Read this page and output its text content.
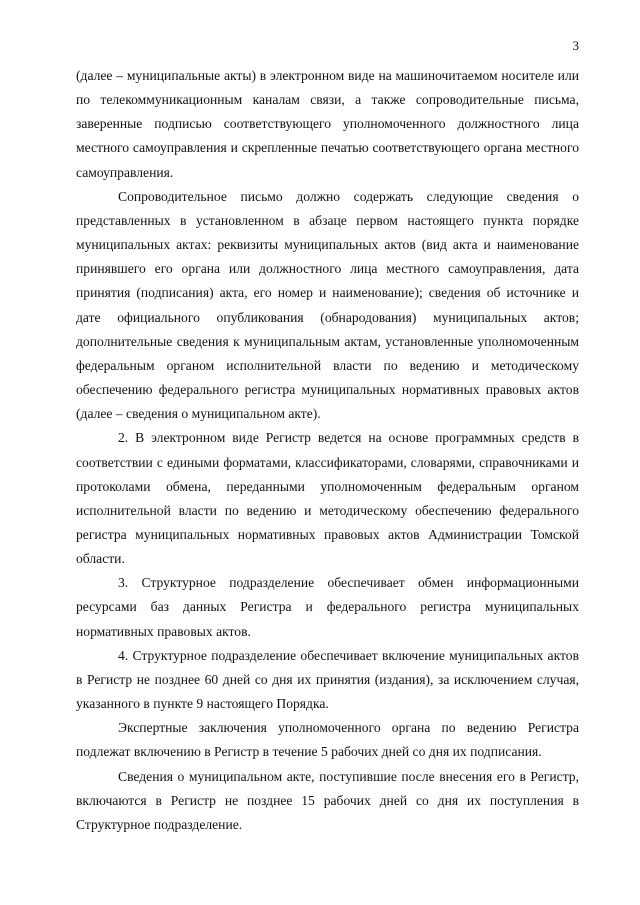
3

(далее – муниципальные акты) в электронном виде на машиночитаемом носителе или по телекоммуникационным каналам связи, а также сопроводительные письма, заверенные подписью соответствующего уполномоченного должностного лица местного самоуправления и скрепленные печатью соответствующего органа местного самоуправления.

Сопроводительное письмо должно содержать следующие сведения о представленных в установленном в абзаце первом настоящего пункта порядке муниципальных актах: реквизиты муниципальных актов (вид акта и наименование принявшего его органа или должностного лица местного самоуправления, дата принятия (подписания) акта, его номер и наименование); сведения об источнике и дате официального опубликования (обнародования) муниципальных актов; дополнительные сведения к муниципальным актам, установленные уполномоченным федеральным органом исполнительной власти по ведению и методическому обеспечению федерального регистра муниципальных нормативных правовых актов (далее – сведения о муниципальном акте).

2. В электронном виде Регистр ведется на основе программных средств в соответствии с едиными форматами, классификаторами, словарями, справочниками и протоколами обмена, переданными уполномоченным федеральным органом исполнительной власти по ведению и методическому обеспечению федерального регистра муниципальных нормативных правовых актов Администрации Томской области.

3. Структурное подразделение обеспечивает обмен информационными ресурсами баз данных Регистра и федерального регистра муниципальных нормативных правовых актов.

4. Структурное подразделение обеспечивает включение муниципальных актов в Регистр не позднее 60 дней со дня их принятия (издания), за исключением случая, указанного в пункте 9 настоящего Порядка.

Экспертные заключения уполномоченного органа по ведению Регистра подлежат включению в Регистр в течение 5 рабочих дней со дня их подписания.

Сведения о муниципальном акте, поступившие после внесения его в Регистр, включаются в Регистр не позднее 15 рабочих дней со дня их поступления в Структурное подразделение.
